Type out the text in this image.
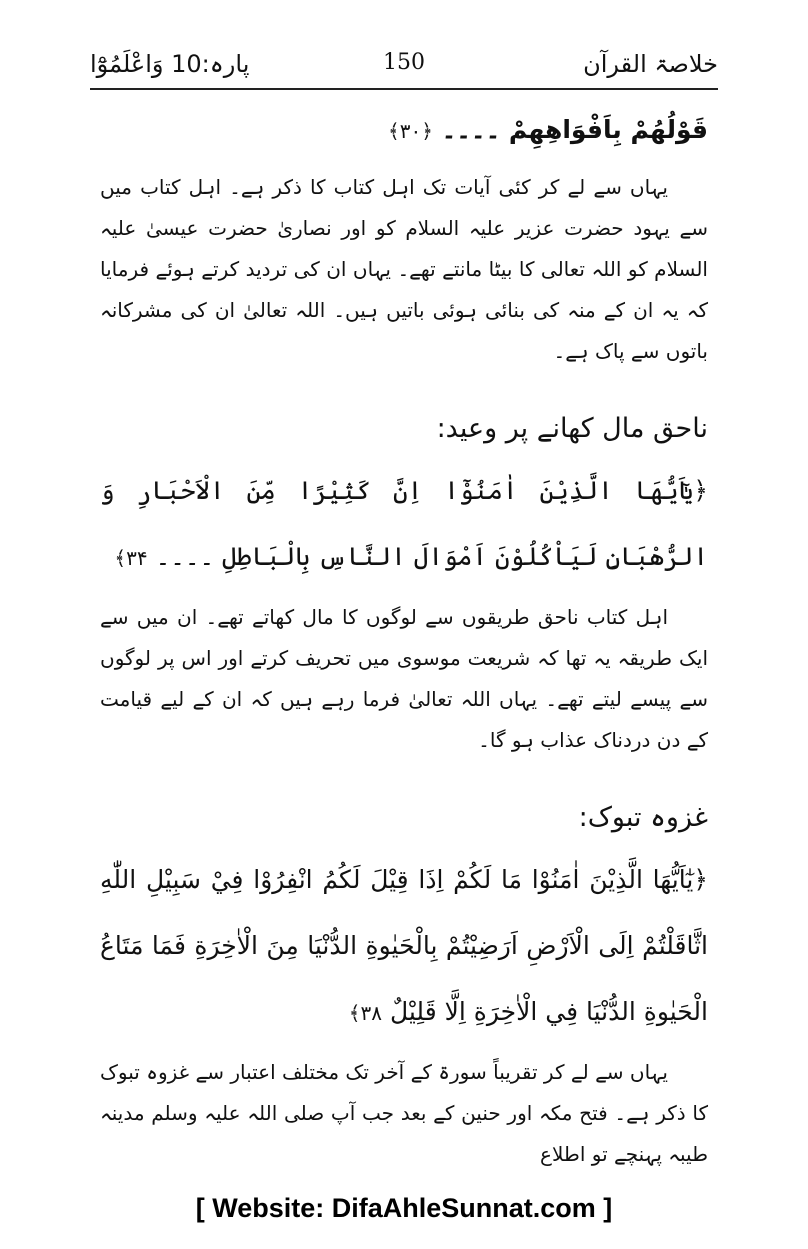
خلاصۃ القرآن
150
پارہ:10 وَاعْلَمُوْٓا

قَوْلُهُمْ بِاَفْوَاهِهِمْ ۔۔۔۔ ﴿۳۰﴾

یہاں سے لے کر کئی آیات تک اہل کتاب کا ذکر ہے۔ اہل کتاب میں سے یہود حضرت عزیر علیہ السلام کو اور نصاریٰ حضرت عیسیٰ علیہ السلام کو اللہ تعالی کا بیٹا مانتے تھے۔ یہاں ان کی تردید کرتے ہوئے فرمایا کہ یہ ان کے منہ کی بنائی ہوئی باتیں ہیں۔ اللہ تعالیٰ ان کی مشرکانہ باتوں سے پاک ہے۔

ناحق مال کھانے پر وعید:

﴿يٰٓاَيُّهَا الَّذِيْنَ اٰمَنُوْٓا اِنَّ كَثِيْرًا مِّنَ الْاَحْبَارِ وَ الرُّهْبَانِ لَيَاْكُلُوْنَ اَمْوَالَ النَّاسِ بِالْبَاطِلِ ۔۔۔۔ ۳۴﴾

اہل کتاب ناحق طریقوں سے لوگوں کا مال کھاتے تھے۔ ان میں سے ایک طریقہ یہ تھا کہ شریعت موسوی میں تحریف کرتے اور اس پر لوگوں سے پیسے لیتے تھے۔ یہاں اللہ تعالیٰ فرما رہے ہیں کہ ان کے لیے قیامت کے دن دردناک عذاب ہو گا۔

غزوہ تبوک:

﴿يٰٓاَيُّهَا الَّذِيْنَ اٰمَنُوْا مَا لَكُمْ اِذَا قِيْلَ لَكُمُ انْفِرُوْا فِيْ سَبِيْلِ اللّٰهِ اثَّاقَلْتُمْ اِلَى الْاَرْضِ اَرَضِيْتُمْ بِالْحَيٰوةِ الدُّنْيَا مِنَ الْاٰخِرَةِ فَمَا مَتَاعُ الْحَيٰوةِ الدُّنْيَا فِي الْاٰخِرَةِ اِلَّا قَلِيْلٌ ۳۸﴾

یہاں سے لے کر تقریباً سورۃ کے آخر تک مختلف اعتبار سے غزوہ تبوک کا ذکر ہے۔ فتح مکہ اور حنین کے بعد جب آپ صلی اللہ علیہ وسلم مدینہ طیبہ پہنچے تو اطلاع

[ Website: DifaAhleSunnat.com ]
